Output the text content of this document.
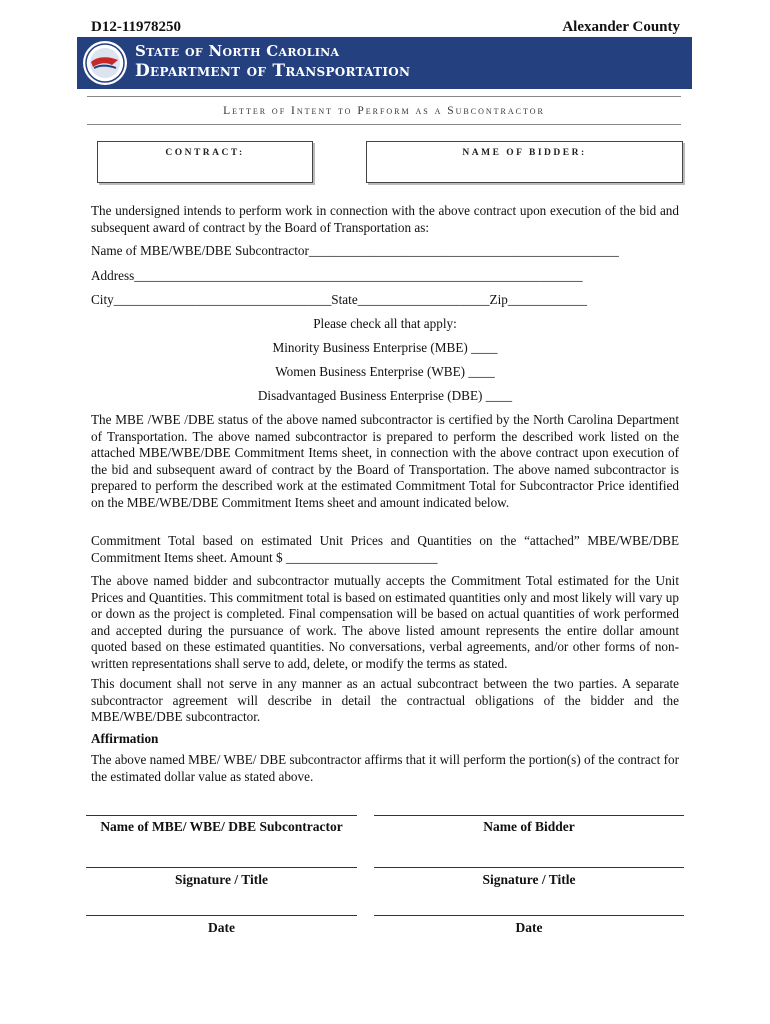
D12-11978250	Alexander County
State of North Carolina
Department of Transportation
Letter of Intent to Perform as a Subcontractor
CONTRACT:	NAME OF BIDDER:
The undersigned intends to perform work in connection with the above contract upon execution of the bid and subsequent award of contract by the Board of Transportation as:
Name of MBE/WBE/DBE Subcontractor_______________________________________________
Address____________________________________________________________________
City_________________________________State____________________Zip____________
Please check all that apply:
Minority Business Enterprise (MBE) ____
Women Business Enterprise (WBE) ____
Disadvantaged Business Enterprise (DBE) ____
The MBE /WBE /DBE status of the above named subcontractor is certified by the North Carolina Department of Transportation. The above named subcontractor is prepared to perform the described work listed on the attached MBE/WBE/DBE Commitment Items sheet, in connection with the above contract upon execution of the bid and subsequent award of contract by the Board of Transportation. The above named subcontractor is prepared to perform the described work at the estimated Commitment Total for Subcontractor Price identified on the MBE/WBE/DBE Commitment Items sheet and amount indicated below.
Commitment Total based on estimated Unit Prices and Quantities on the “attached” MBE/WBE/DBE Commitment Items sheet. Amount $ _______________________
The above named bidder and subcontractor mutually accepts the Commitment Total estimated for the Unit Prices and Quantities. This commitment total is based on estimated quantities only and most likely will vary up or down as the project is completed. Final compensation will be based on actual quantities of work performed and accepted during the pursuance of work. The above listed amount represents the entire dollar amount quoted based on these estimated quantities. No conversations, verbal agreements, and/or other forms of non-written representations shall serve to add, delete, or modify the terms as stated.
This document shall not serve in any manner as an actual subcontract between the two parties. A separate subcontractor agreement will describe in detail the contractual obligations of the bidder and the MBE/WBE/DBE subcontractor.
Affirmation
The above named MBE/ WBE/ DBE subcontractor affirms that it will perform the portion(s) of the contract for the estimated dollar value as stated above.
Name of MBE/ WBE/ DBE Subcontractor	Name of Bidder
Signature / Title	Signature / Title
Date	Date
